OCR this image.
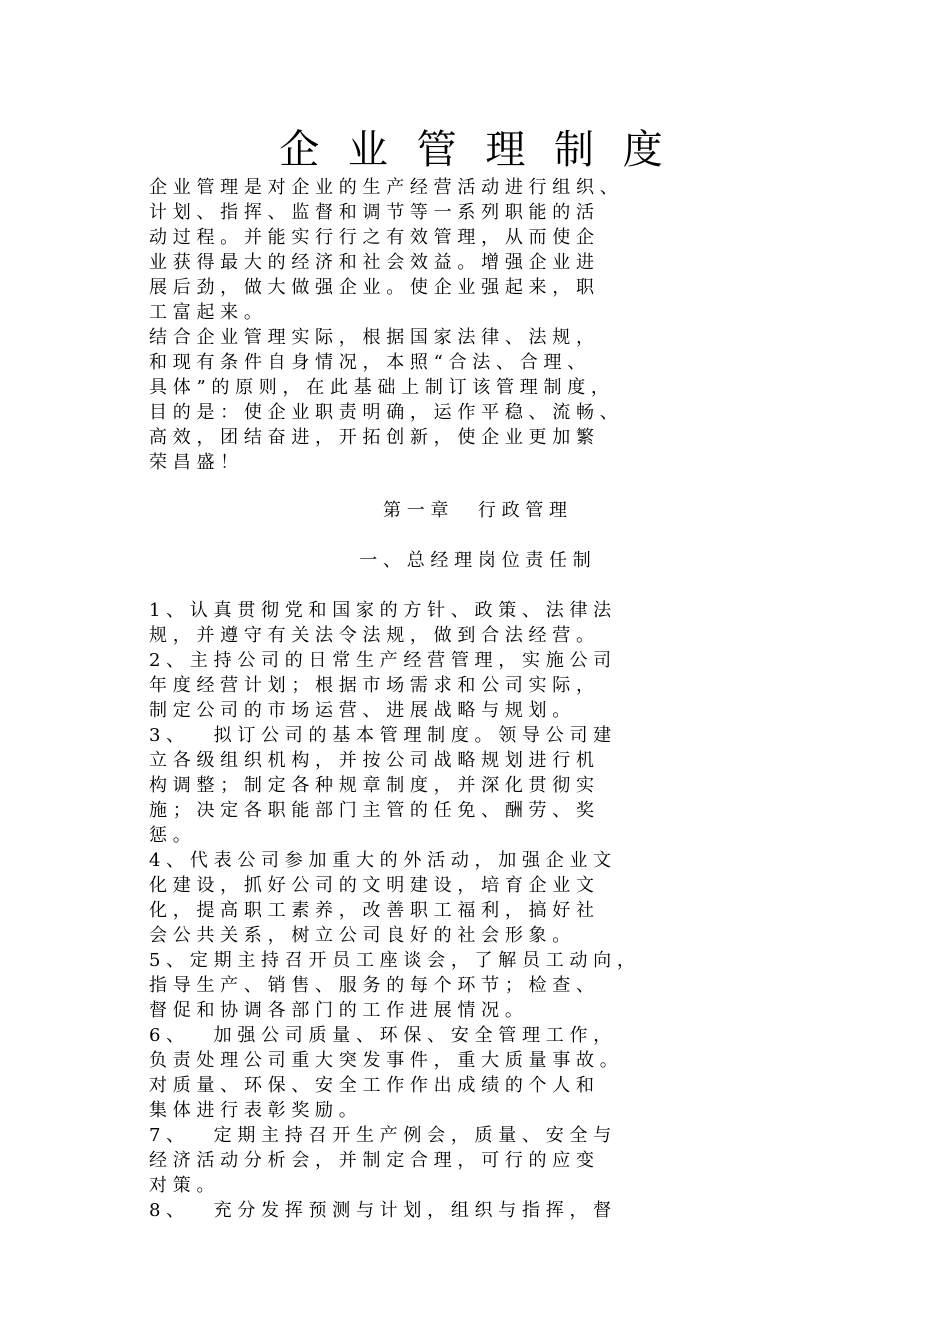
企 业 管 理 制 度
企 业 管 理 是 对 企 业 的 生 产 经 营 活 动 进 行 组 织 、
计 划 、 指 挥 、 监 督 和 调 节 等 一 系 列 职 能 的 活
动 过 程 。 并 能 实 行 行 之 有 效 管 理 ， 从 而 使 企
业 获 得 最 大 的 经 济 和 社 会 效 益 。 增 强 企 业 进
展 后 劲 ， 做 大 做 强 企 业 。 使 企 业 强 起 来 ， 职
工 富 起 来 。
结 合 企 业 管 理 实 际 ， 根 据 国 家 法 律 、 法 规 ，
和 现 有 条 件 自 身 情 况 ， 本 照 “ 合 法 、 合 理 、
具 体 ” 的 原 则 ， 在 此 基 础 上 制 订 该 管 理 制 度 ，
目 的 是 ： 使 企 业 职 责 明 确 ， 运 作 平 稳 、 流 畅 、
高 效 ， 团 结 奋 进 ， 开 拓 创 新 ， 使 企 业 更 加 繁
荣 昌 盛 ！
第 一 章 　 行 政 管 理
一 、 总 经 理 岗 位 责 任 制
1 、 认 真 贯 彻 党 和 国 家 的 方 针 、 政 策 、 法 律 法
规 ， 并 遵 守 有 关 法 令 法 规 ， 做 到 合 法 经 营 。
2 、 主 持 公 司 的 日 常 生 产 经 营 管 理 ， 实 施 公 司
年 度 经 营 计 划 ； 根 据 市 场 需 求 和 公 司 实 际 ，
制 定 公 司 的 市 场 运 营 、 进 展 战 略 与 规 划 。
3 、 　 拟 订 公 司 的 基 本 管 理 制 度 。 领 导 公 司 建
立 各 级 组 织 机 构 ， 并 按 公 司 战 略 规 划 进 行 机
构 调 整 ； 制 定 各 种 规 章 制 度 ， 并 深 化 贯 彻 实
施 ； 决 定 各 职 能 部 门 主 管 的 任 免 、 酬 劳 、 奖
惩 。
4 、 代 表 公 司 参 加 重 大 的 外 活 动 ， 加 强 企 业 文
化 建 设 ， 抓 好 公 司 的 文 明 建 设 ， 培 育 企 业 文
化 ， 提 高 职 工 素 养 ， 改 善 职 工 福 利 ， 搞 好 社
会 公 共 关 系 ， 树 立 公 司 良 好 的 社 会 形 象 。
5 、 定 期 主 持 召 开 员 工 座 谈 会 ， 了 解 员 工 动 向 ，
指 导 生 产 、 销 售 、 服 务 的 每 个 环 节 ； 检 查 、
督 促 和 协 调 各 部 门 的 工 作 进 展 情 况 。
6 、 　 加 强 公 司 质 量 、 环 保 、 安 全 管 理 工 作 ，
负 责 处 理 公 司 重 大 突 发 事 件 ， 重 大 质 量 事 故 。
对 质 量 、 环 保 、 安 全 工 作 作 出 成 绩 的 个 人 和
集 体 进 行 表 彰 奖 励 。
7 、 　 定 期 主 持 召 开 生 产 例 会 ， 质 量 、 安 全 与
经 济 活 动 分 析 会 ， 并 制 定 合 理 ， 可 行 的 应 变
对 策 。
8 、 　 充 分 发 挥 预 测 与 计 划 ， 组 织 与 指 挥 ， 督
